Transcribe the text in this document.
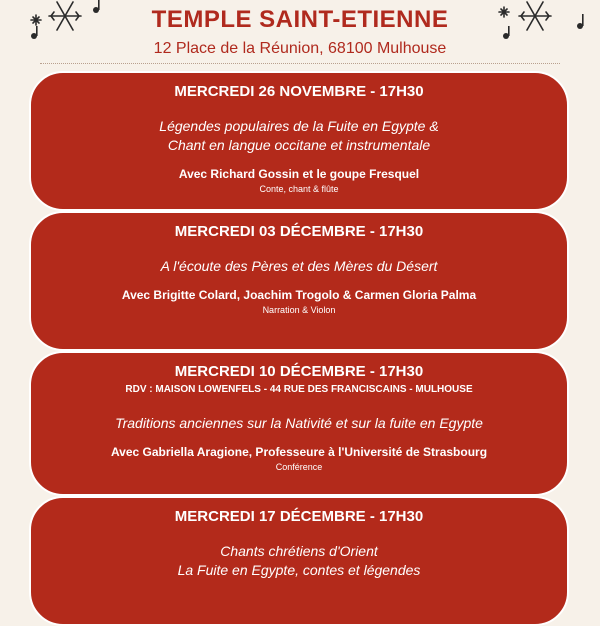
TEMPLE SAINT-ETIENNE
12 Place de la Réunion, 68100 Mulhouse
MERCREDI 26 NOVEMBRE - 17H30
Légendes populaires de la Fuite en Egypte &
Chant en langue occitane et instrumentale
Avec Richard Gossin et le goupe Fresquel
Conte, chant & flûte
MERCREDI 03 DÉCEMBRE - 17H30
A l'écoute des Pères et des Mères du Désert
Avec Brigitte Colard, Joachim Trogolo & Carmen Gloria Palma
Narration & Violon
MERCREDI 10 DÉCEMBRE - 17H30
RDV : MAISON LOWENFELS - 44 RUE DES FRANCISCAINS - MULHOUSE
Traditions anciennes sur la Nativité et sur la fuite en Egypte
Avec Gabriella Aragione, Professeure à l'Université de Strasbourg
Conférence
MERCREDI 17 DÉCEMBRE - 17H30
Chants chrétiens d'Orient
La Fuite en Egypte, contes et légendes
